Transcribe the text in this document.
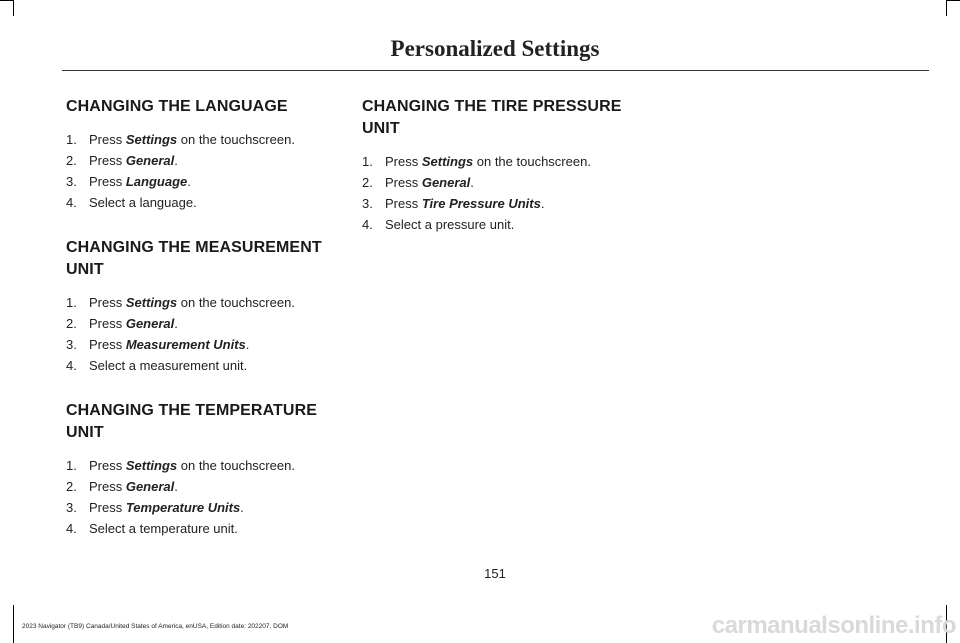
Personalized Settings
CHANGING THE LANGUAGE
1. Press Settings on the touchscreen.
2. Press General.
3. Press Language.
4. Select a language.
CHANGING THE MEASUREMENT UNIT
1. Press Settings on the touchscreen.
2. Press General.
3. Press Measurement Units.
4. Select a measurement unit.
CHANGING THE TEMPERATURE UNIT
1. Press Settings on the touchscreen.
2. Press General.
3. Press Temperature Units.
4. Select a temperature unit.
CHANGING THE TIRE PRESSURE UNIT
1. Press Settings on the touchscreen.
2. Press General.
3. Press Tire Pressure Units.
4. Select a pressure unit.
151
2023 Navigator (TB9) Canada/United States of America, enUSA, Edition date: 202207, DOM	carmanualsonline.info
